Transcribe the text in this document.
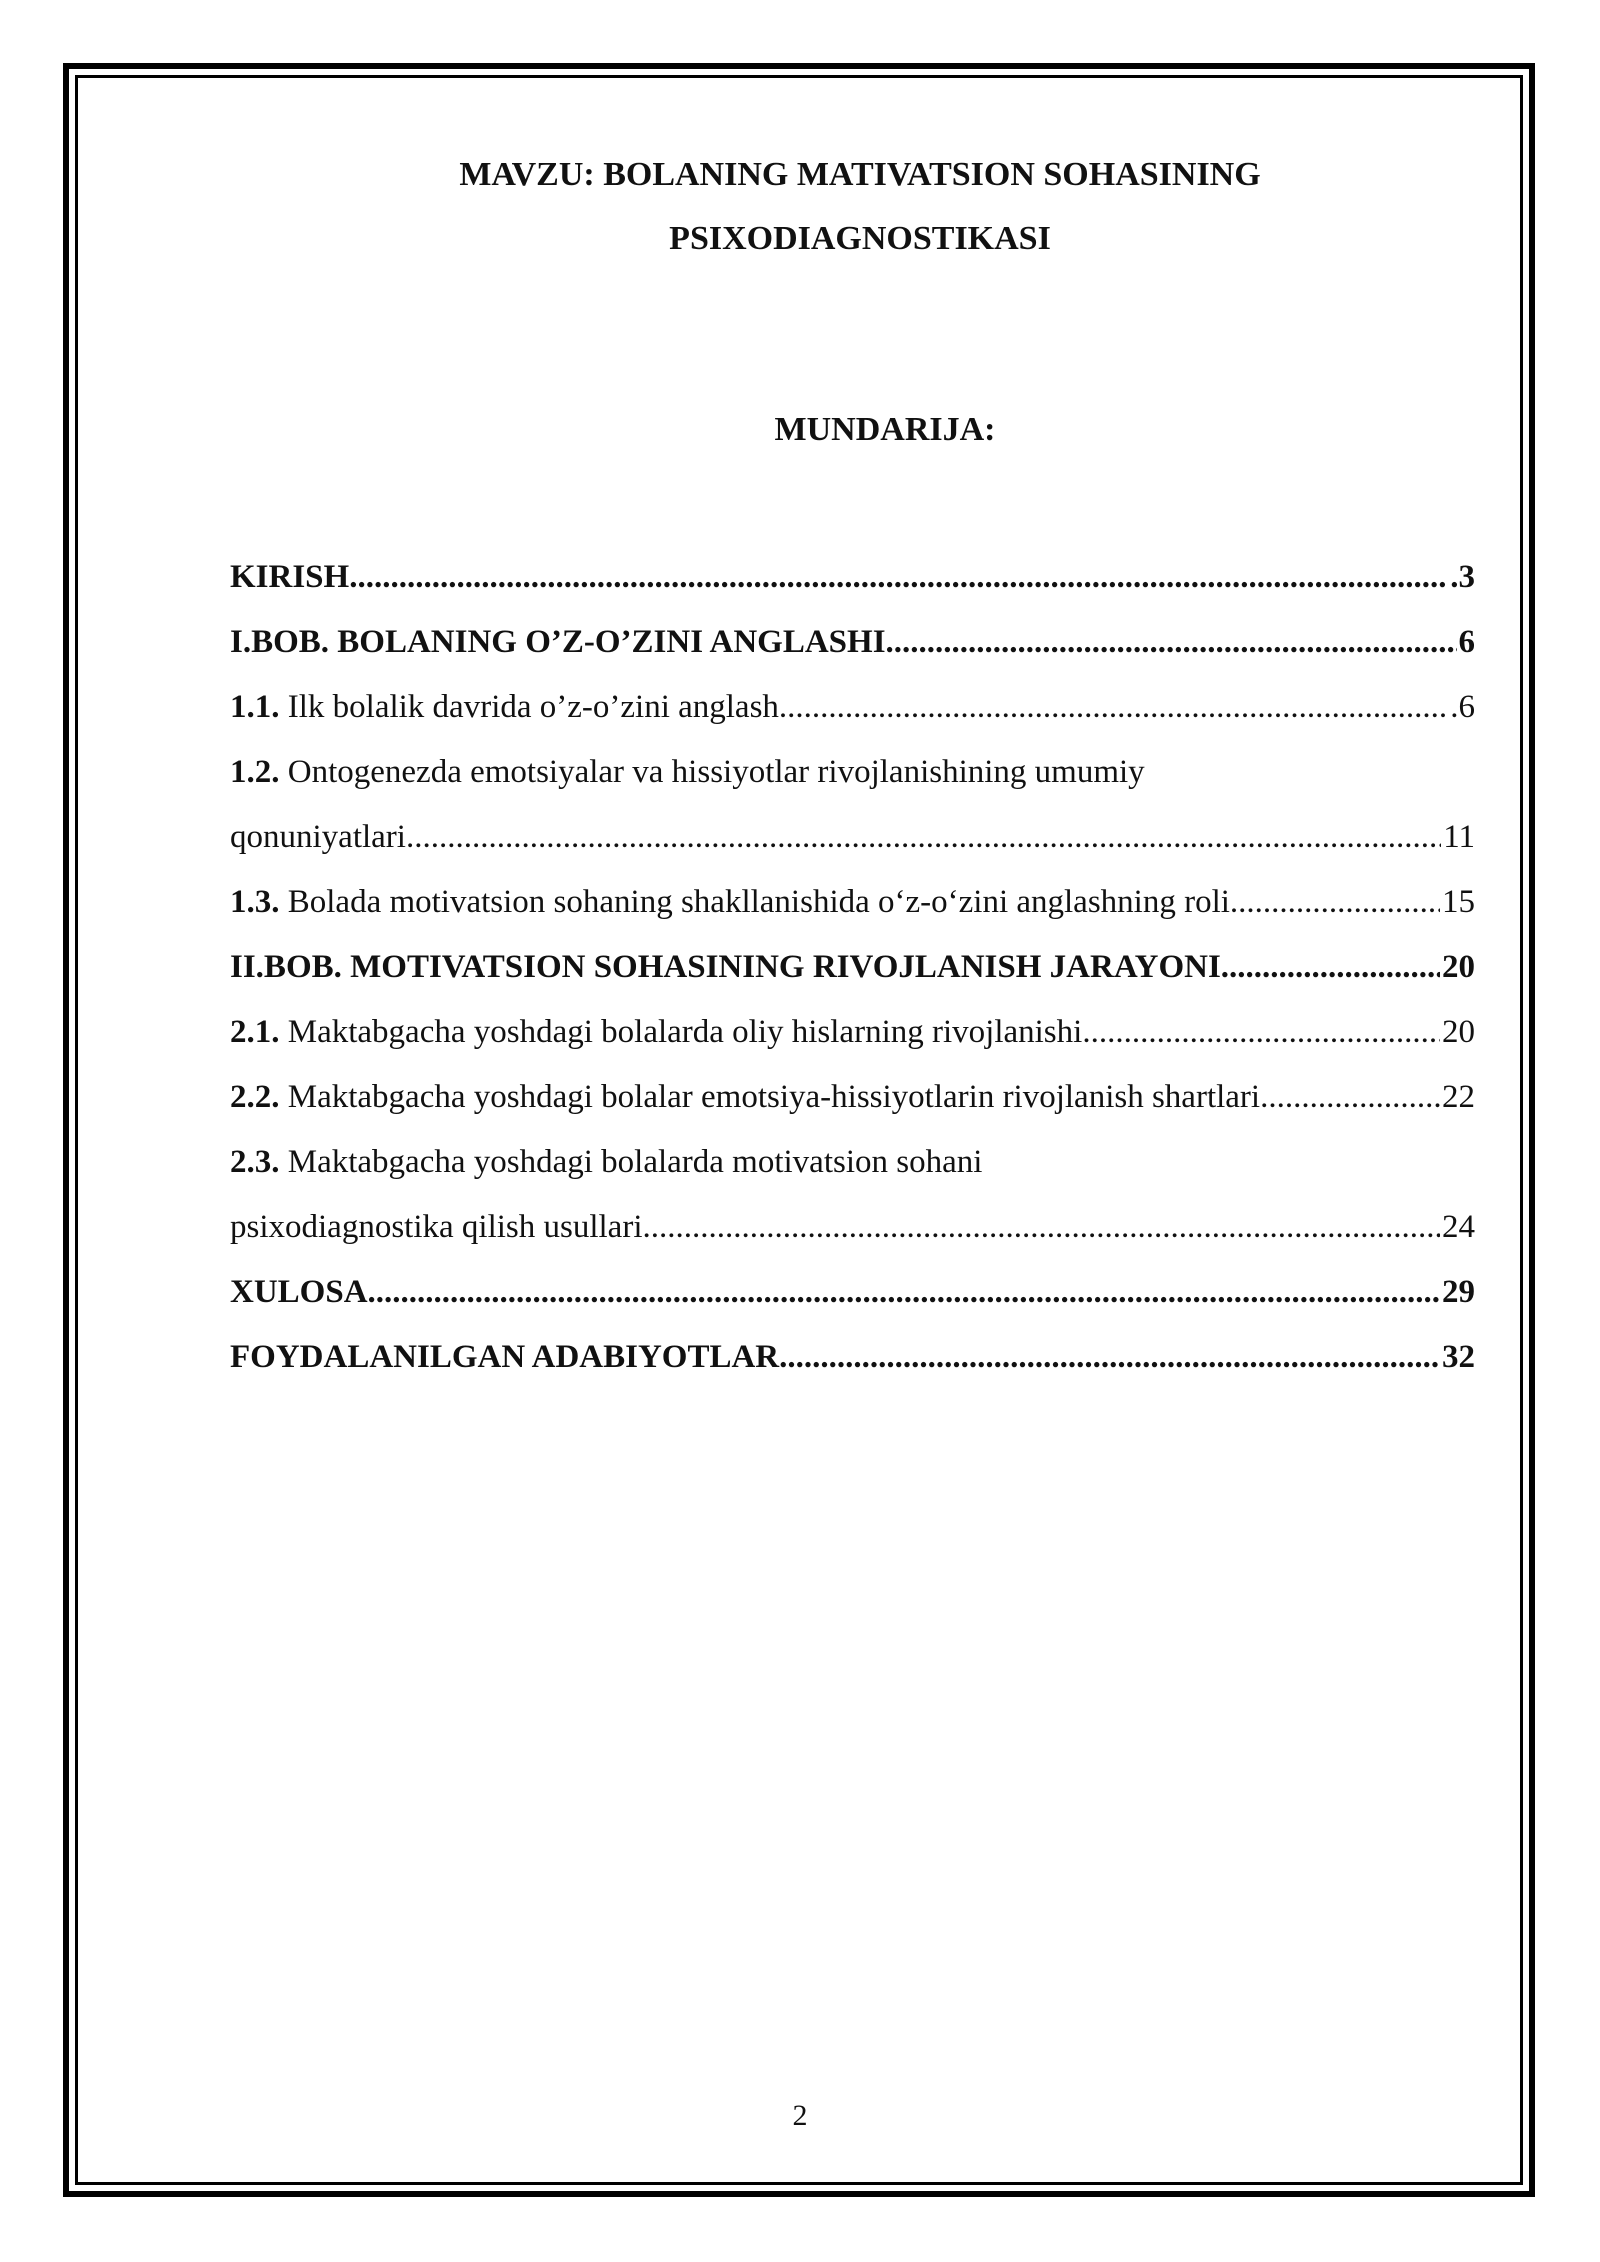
MAVZU: BOLANING MATIVATSION SOHASINING
PSIXODIAGNOSTIKASI
MUNDARIJA:
KIRISH .....	.3
I.BOB. BOLANING O’Z-O’ZINI ANGLASHI .....	6
1.1. Ilk bolalik davrida o’z-o’zini anglash .....	.6
1.2. Ontogenezda emotsiyalar va hissiyotlar rivojlanishining umumiy
qonuniyatlari .....	11
1.3. Bolada motivatsion sohaning shakllanishida o‘z-o‘zini anglashning roli .....	15
II.BOB. MOTIVATSION SOHASINING RIVOJLANISH JARAYONI .....	20
2.1. Maktabgacha yoshdagi bolalarda oliy hislarning rivojlanishi .....	20
2.2. Maktabgacha yoshdagi bolalar emotsiya-hissiyotlarin rivojlanish shartlari .....	22
2.3. Maktabgacha yoshdagi bolalarda motivatsion sohani
psixodiagnostika qilish usullari .....	24
XULOSA .....	29
FOYDALANILGAN ADABIYOTLAR .....	32
2
